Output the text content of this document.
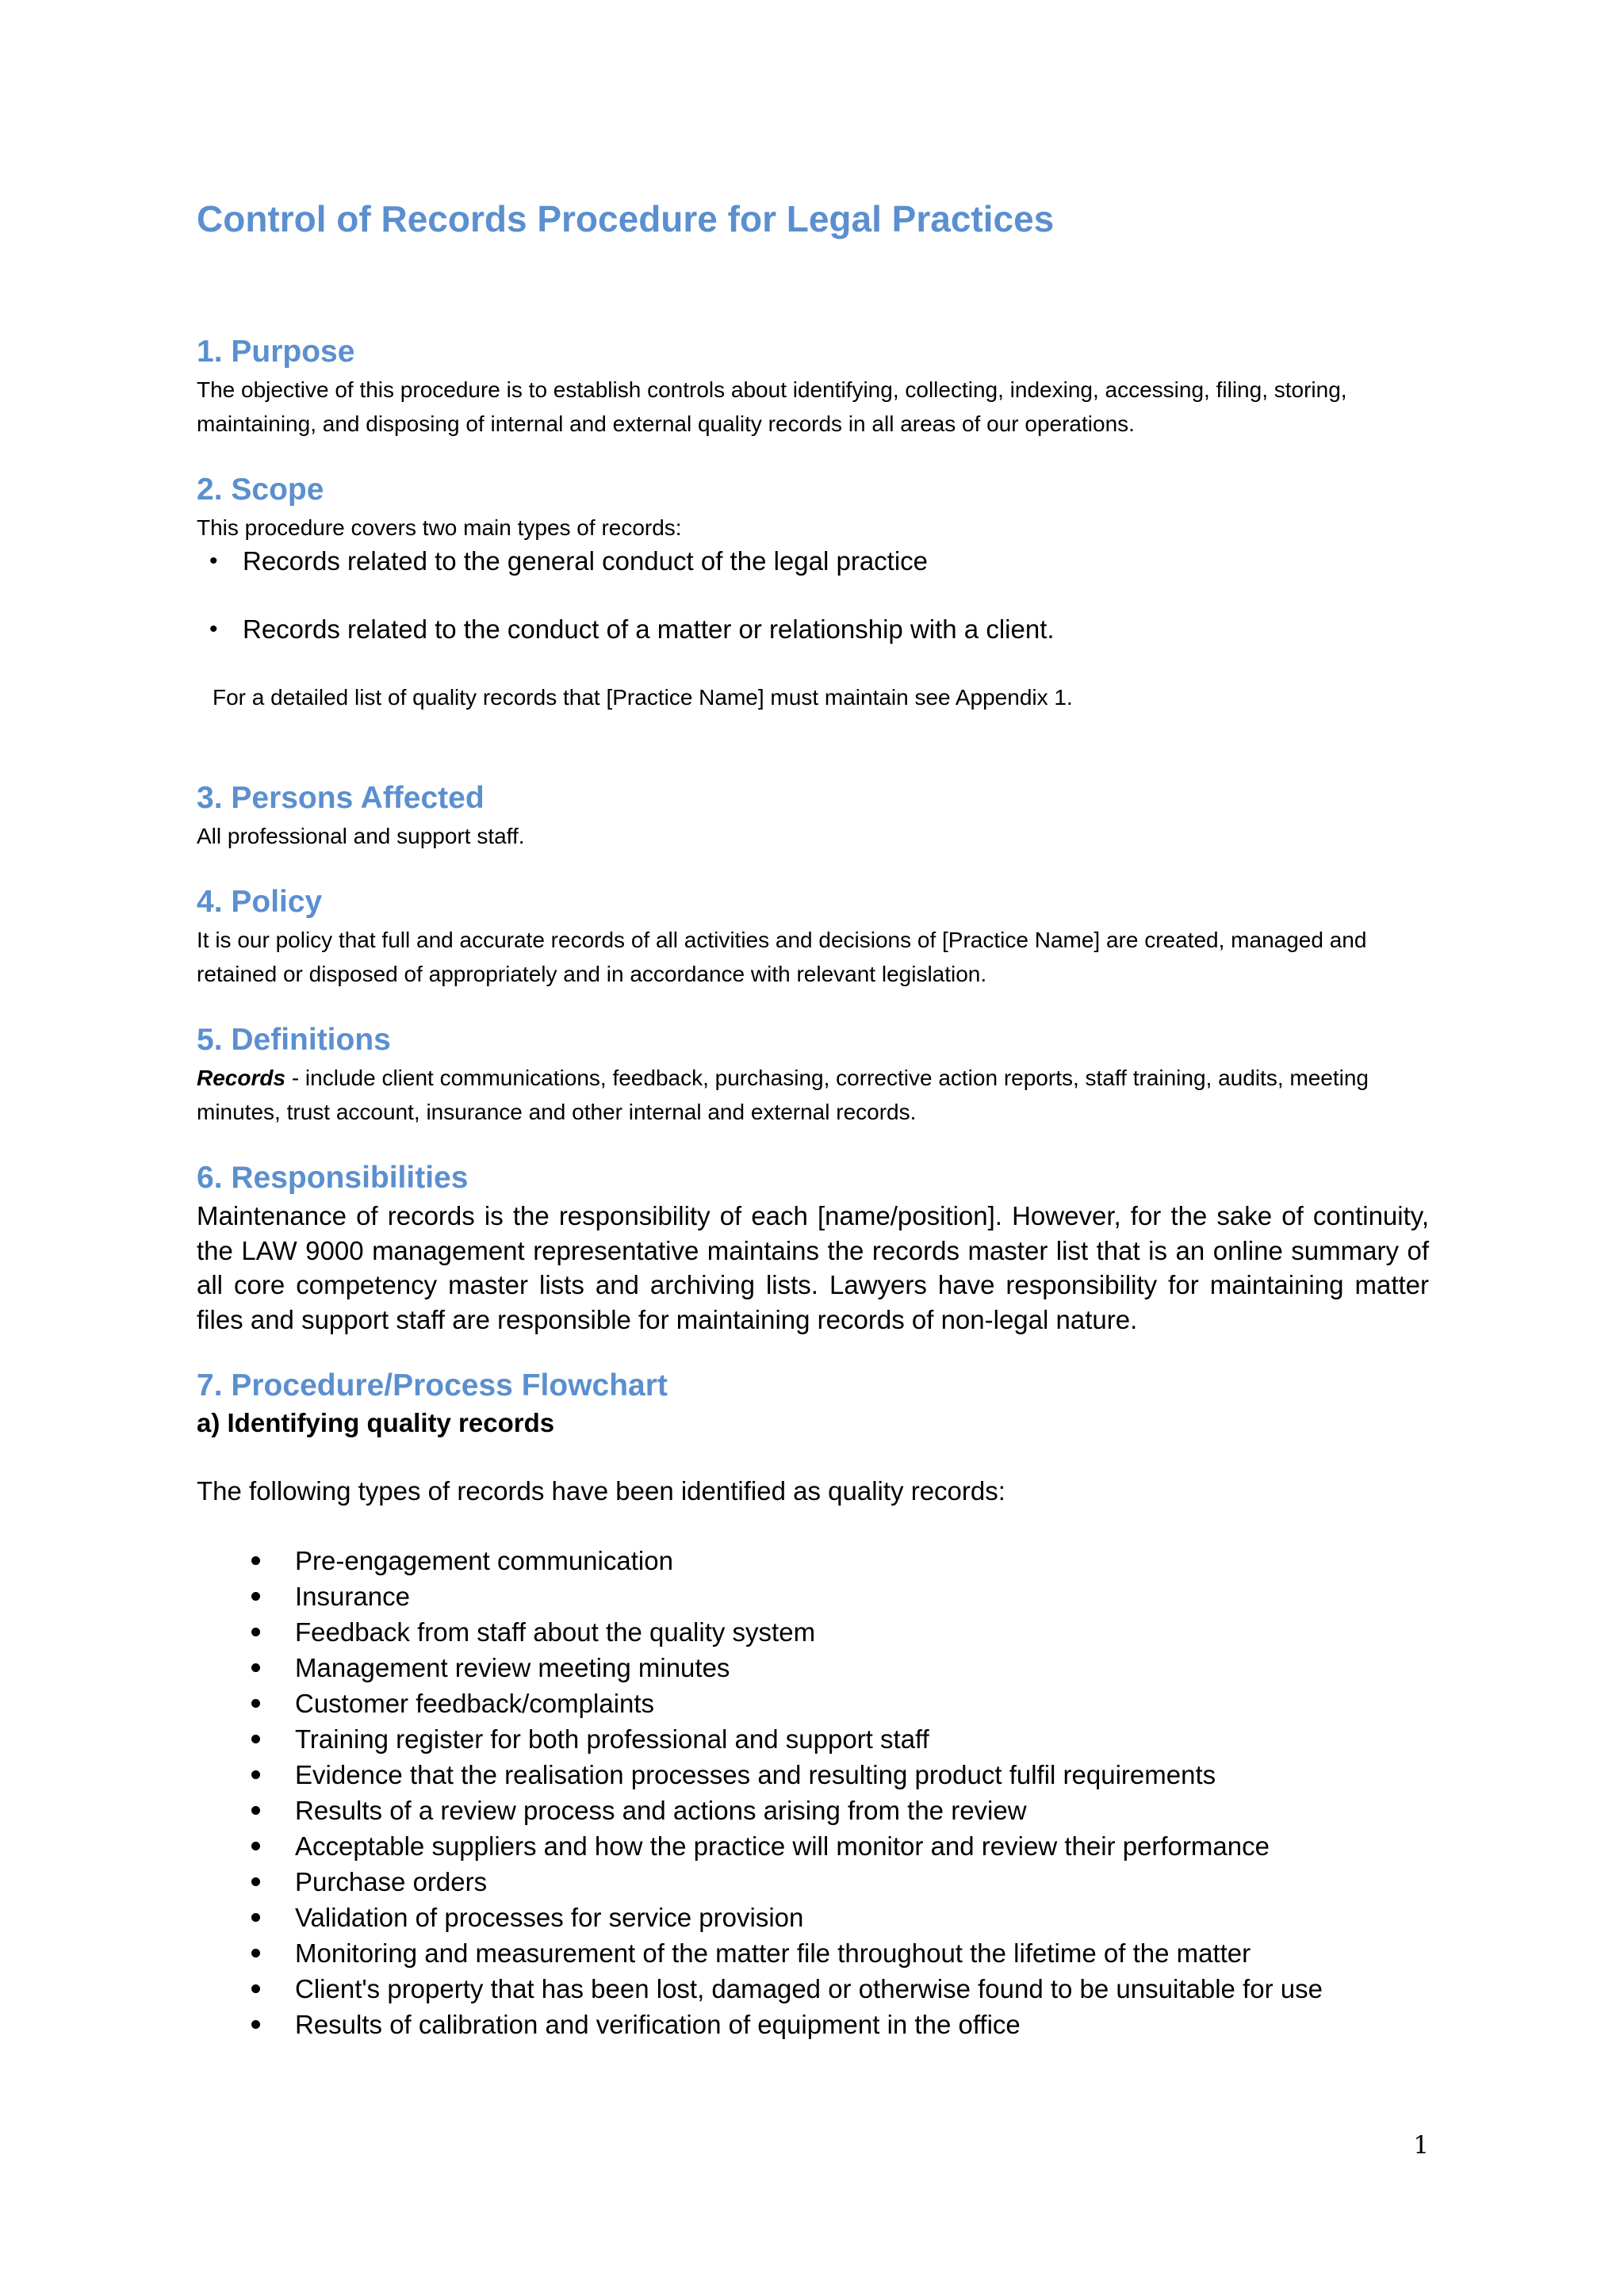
Control of Records Procedure for Legal Practices
1. Purpose

The objective of this procedure is to establish controls about identifying, collecting, indexing, accessing, filing, storing, maintaining, and disposing of internal and external quality records in all areas of our operations.

2. Scope

This procedure covers two main types of records:

• Records related to the general conduct of the legal practice
• Records related to the conduct of a matter or relationship with a client.

For a detailed list of quality records that [Practice Name] must maintain see Appendix 1.

3. Persons Affected

All professional and support staff.

4. Policy

It is our policy that full and accurate records of all activities and decisions of [Practice Name] are created, managed and retained or disposed of appropriately and in accordance with relevant legislation.

5. Definitions

Records - include client communications, feedback, purchasing, corrective action reports, staff training, audits, meeting minutes, trust account, insurance and other internal and external records.

6. Responsibilities

Maintenance of records is the responsibility of each [name/position]. However, for the sake of continuity, the LAW 9000 management representative maintains the records master list that is an online summary of all core competency master lists and archiving lists. Lawyers have responsibility for maintaining matter files and support staff are responsible for maintaining records of non-legal nature.

7. Procedure/Process Flowchart

a) Identifying quality records

The following types of records have been identified as quality records:

Pre-engagement communication
Insurance
Feedback from staff about the quality system
Management review meeting minutes
Customer feedback/complaints
Training register for both professional and support staff
Evidence that the realisation processes and resulting product fulfil requirements
Results of a review process and actions arising from the review
Acceptable suppliers and how the practice will monitor and review their performance
Purchase orders
Validation of processes for service provision
Monitoring and measurement of the matter file throughout the lifetime of the matter
Client's property that has been lost, damaged or otherwise found to be unsuitable for use
Results of calibration and verification of equipment in the office
1
